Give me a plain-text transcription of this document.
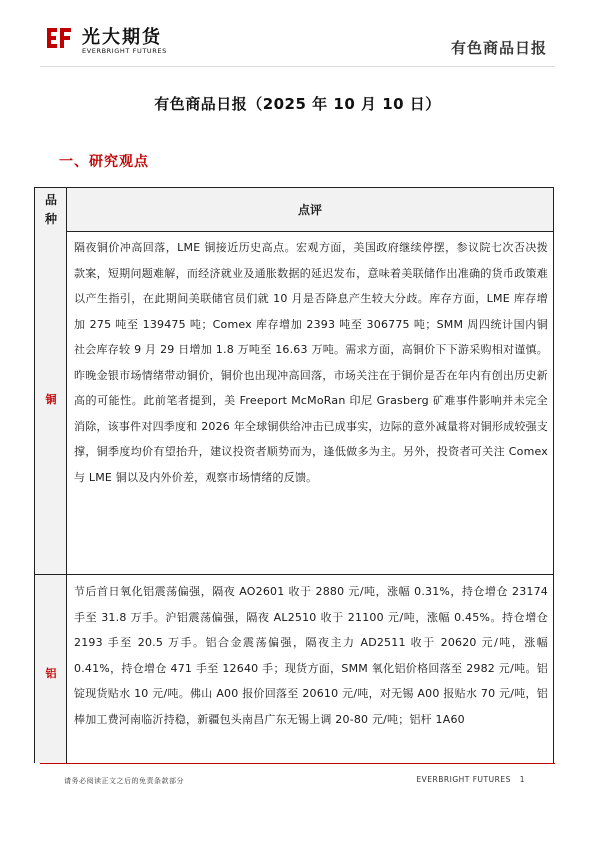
光大期货
EVERBRIGHT FUTURES	有色商品日报
有色商品日报（2025 年 10 月 10 日）
一、研究观点
品种
点评
铜
隔夜铜价冲高回落，LME 铜接近历史高点。宏观方面，美国政府继续停摆，参议院七次否决拨款案，短期问题难解，而经济就业及通胀数据的延迟发布，意味着美联储作出准确的货币政策难以产生指引，在此期间美联储官员们就 10 月是否降息产生较大分歧。库存方面，LME 库存增加 275 吨至 139475 吨；Comex 库存增加 2393 吨至 306775 吨；SMM 周四统计国内铜社会库存较 9 月 29 日增加 1.8 万吨至 16.63 万吨。需求方面，高铜价下下游采购相对谨慎。昨晚金银市场情绪带动铜价，铜价也出现冲高回落，市场关注在于铜价是否在年内有创出历史新高的可能性。此前笔者提到，美 Freeport McMoRan 印尼 Grasberg 矿难事件影响并未完全消除，该事件对四季度和 2026 年全球铜供给冲击已成事实，边际的意外减量将对铜形成较强支撑，铜季度均价有望抬升，建议投资者顺势而为，逢低做多为主。另外，投资者可关注 Comex 与 LME 铜以及内外价差，观察市场情绪的反馈。
铝
节后首日氧化铝震荡偏强，隔夜 AO2601 收于 2880 元/吨，涨幅 0.31%，持仓增仓 23174 手至 31.8 万手。沪铝震荡偏强，隔夜 AL2510 收于 21100 元/吨，涨幅 0.45%。持仓增仓 2193 手至 20.5 万手。铝合金震荡偏强，隔夜主力 AD2511 收于 20620 元/吨，涨幅 0.41%，持仓增仓 471 手至 12640 手；现货方面，SMM 氧化铝价格回落至 2982 元/吨。铝锭现货贴水 10 元/吨。佛山 A00 报价回落至 20610 元/吨，对无锡 A00 报贴水 70 元/吨，铝棒加工费河南临沂持稳，新疆包头南昌广东无锡上调 20-80 元/吨；铝杆 1A60
请务必阅读正文之后的免责条款部分	EVERBRIGHT FUTURES 1
